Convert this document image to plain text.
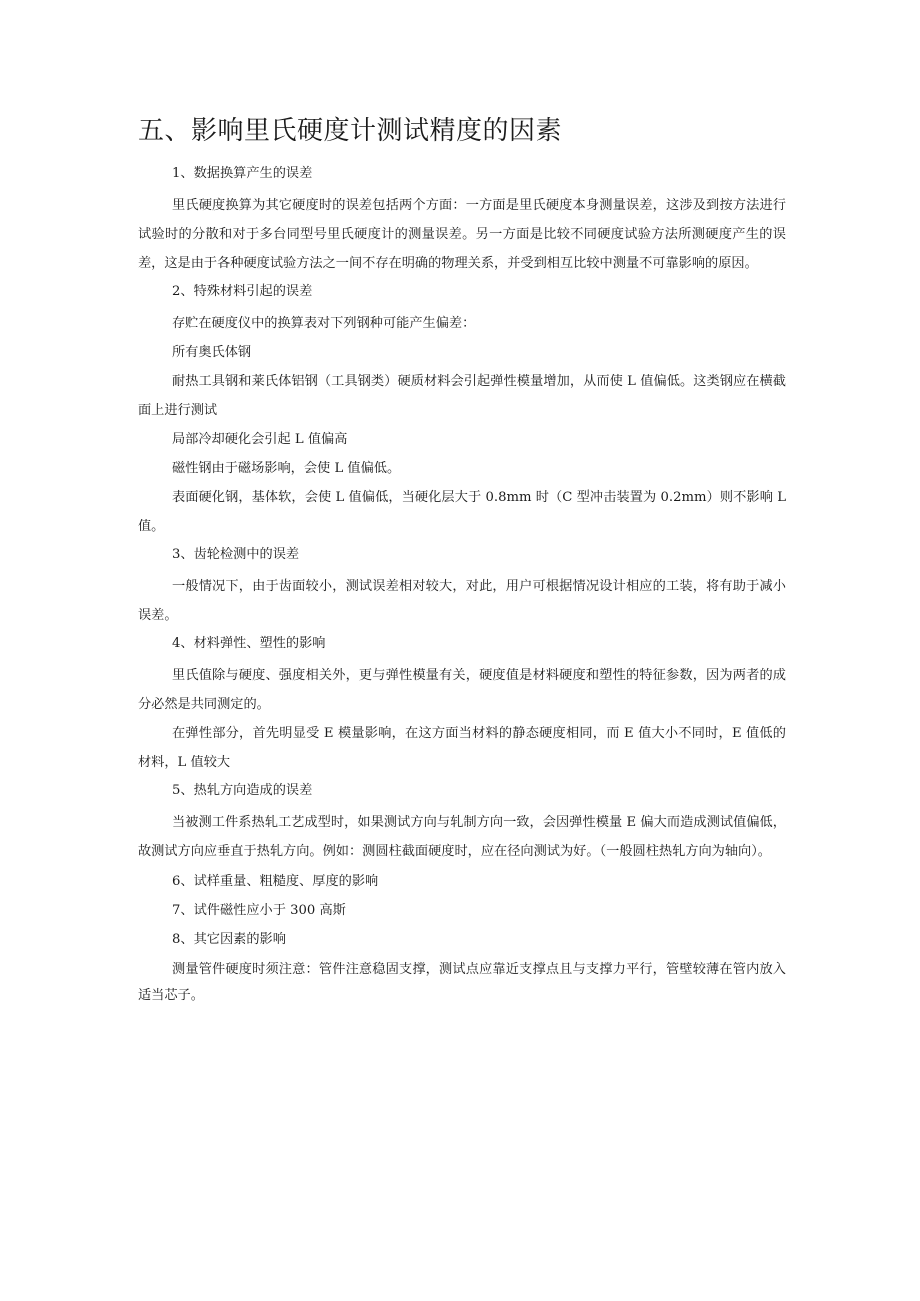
五、影响里氏硬度计测试精度的因素
1、数据换算产生的误差

里氏硬度换算为其它硬度时的误差包括两个方面：一方面是里氏硬度本身测量误差，这涉及到按方法进行试验时的分散和对于多台同型号里氏硬度计的测量误差。另一方面是比较不同硬度试验方法所测硬度产生的误差，这是由于各种硬度试验方法之一间不存在明确的物理关系，并受到相互比较中测量不可靠影响的原因。

2、特殊材料引起的误差

存贮在硬度仪中的换算表对下列钢种可能产生偏差：

所有奥氏体钢

耐热工具钢和莱氏体铝钢（工具钢类）硬质材料会引起弹性模量增加，从而使 L 值偏低。这类钢应在横截面上进行测试

局部冷却硬化会引起 L 值偏高

磁性钢由于磁场影响，会使 L 值偏低。

表面硬化钢，基体软，会使 L 值偏低，当硬化层大于 0.8mm 时（C 型冲击装置为 0.2mm）则不影响 L 值。

3、齿轮检测中的误差

一般情况下，由于齿面较小，测试误差相对较大，对此，用户可根据情况设计相应的工装，将有助于减小误差。

4、材料弹性、塑性的影响

里氏值除与硬度、强度相关外，更与弹性模量有关，硬度值是材料硬度和塑性的特征参数，因为两者的成分必然是共同测定的。

在弹性部分，首先明显受 E 模量影响，在这方面当材料的静态硬度相同，而 E 值大小不同时，E 值低的材料，L 值较大

5、热轧方向造成的误差

当被测工件系热轧工艺成型时，如果测试方向与轧制方向一致，会因弹性模量 E 偏大而造成测试值偏低，故测试方向应垂直于热轧方向。例如：测圆柱截面硬度时，应在径向测试为好。（一般圆柱热轧方向为轴向）。

6、试样重量、粗糙度、厚度的影响
7、试件磁性应小于 300 高斯
8、其它因素的影响

测量管件硬度时须注意：管件注意稳固支撑，测试点应靠近支撑点且与支撑力平行，管壁较薄在管内放入适当芯子。
